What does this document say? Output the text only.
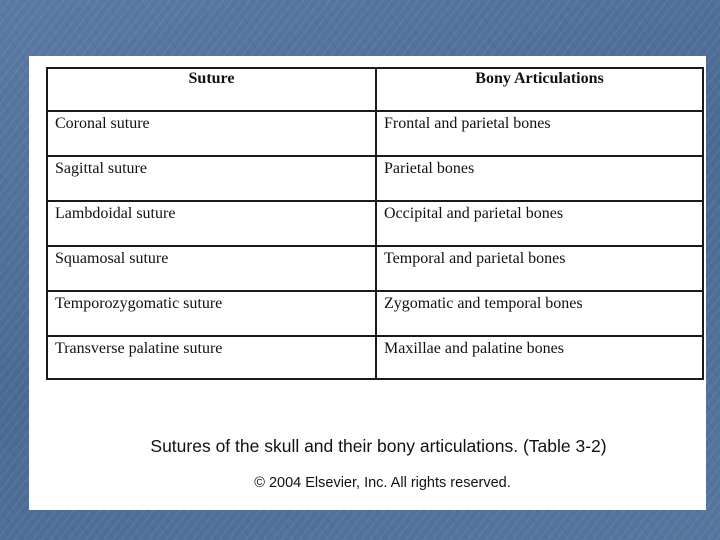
Suture	Bony Articulations
Coronal suture	Frontal and parietal bones
Sagittal suture	Parietal bones
Lambdoidal suture	Occipital and parietal bones
Squamosal suture	Temporal and parietal bones
Temporozygomatic suture	Zygomatic and temporal bones
Transverse palatine suture	Maxillae and palatine bones
Sutures of the skull and their bony articulations. (Table 3-2)
© 2004 Elsevier, Inc. All rights reserved.
